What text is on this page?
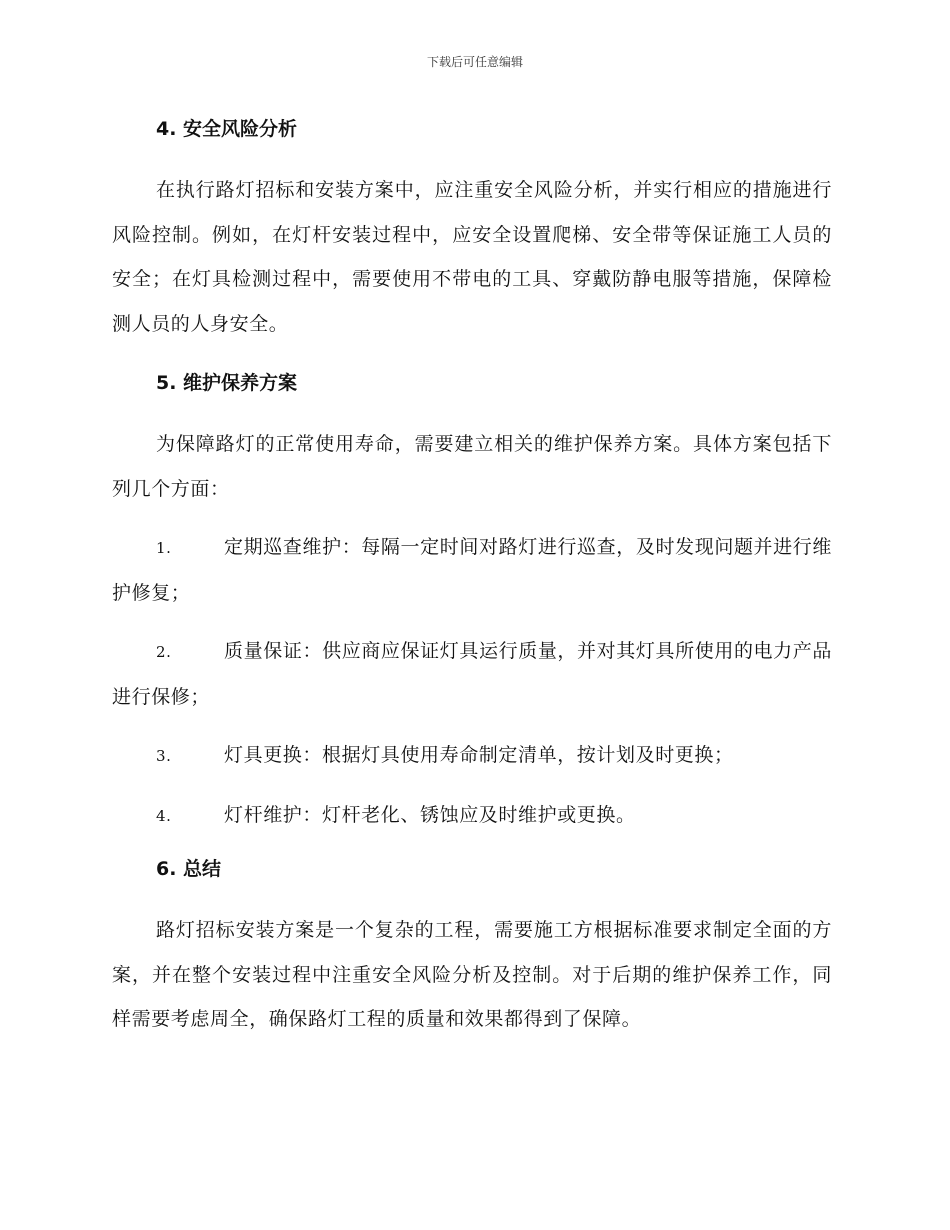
下载后可任意编辑
4. 安全风险分析

在执行路灯招标和安装方案中，应注重安全风险分析，并实行相应的措施进行风险控制。例如，在灯杆安装过程中，应安全设置爬梯、安全带等保证施工人员的安全；在灯具检测过程中，需要使用不带电的工具、穿戴防静电服等措施，保障检测人员的人身安全。

5. 维护保养方案

为保障路灯的正常使用寿命，需要建立相关的维护保养方案。具体方案包括下列几个方面：

1.	定期巡查维护：每隔一定时间对路灯进行巡查，及时发现问题并进行维护修复；
2.	质量保证：供应商应保证灯具运行质量，并对其灯具所使用的电力产品进行保修；
3.	灯具更换：根据灯具使用寿命制定清单，按计划及时更换；
4.	灯杆维护：灯杆老化、锈蚀应及时维护或更换。
6. 总结

路灯招标安装方案是一个复杂的工程，需要施工方根据标准要求制定全面的方案，并在整个安装过程中注重安全风险分析及控制。对于后期的维护保养工作，同样需要考虑周全，确保路灯工程的质量和效果都得到了保障。
